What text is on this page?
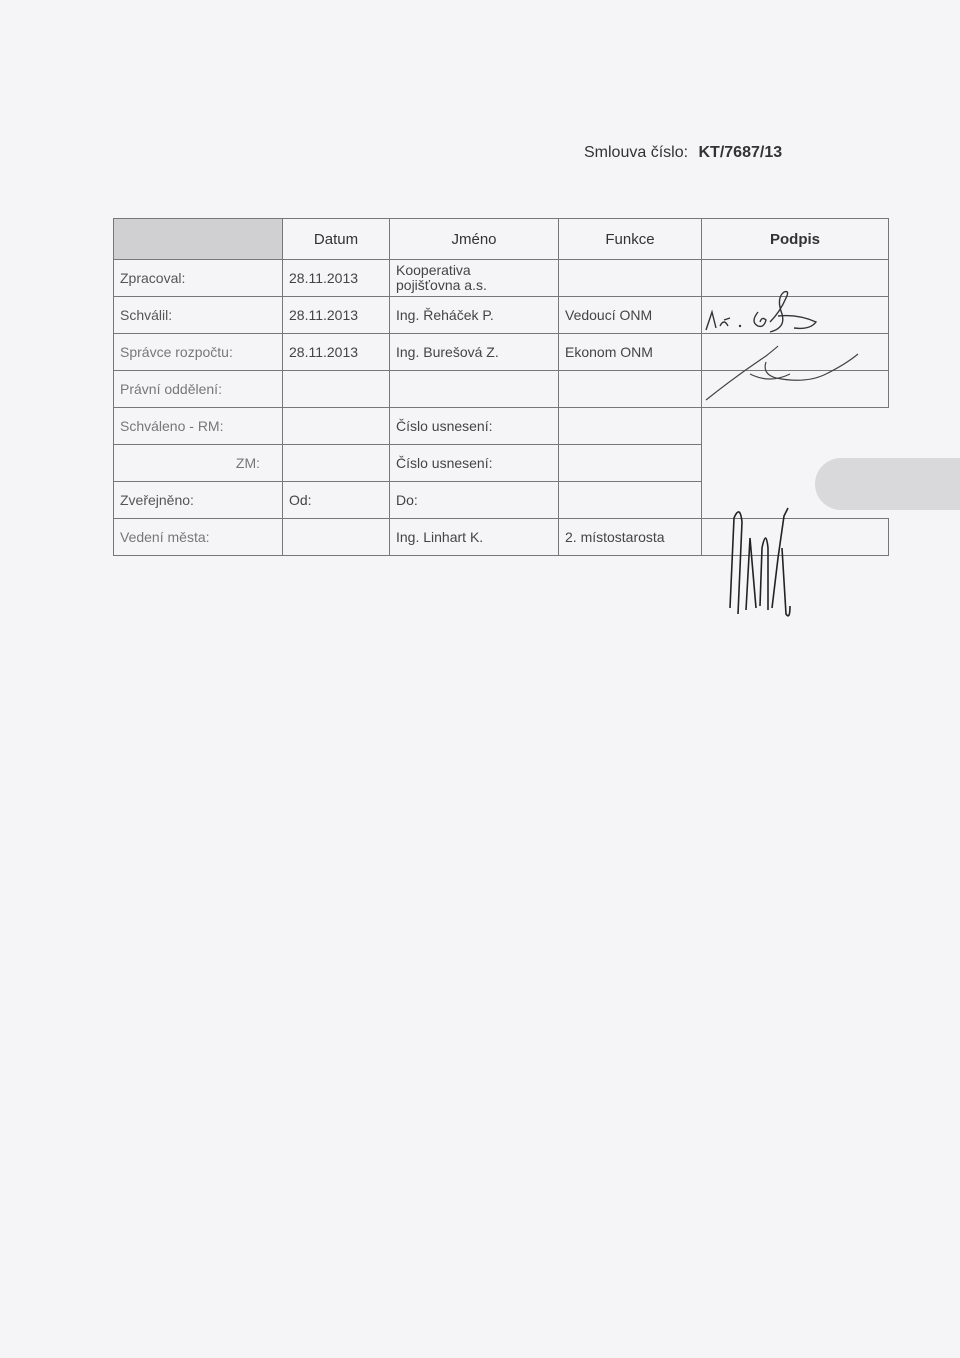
Smlouva číslo: KT/7687/13
	Datum	Jméno	Funkce	Podpis
Zpracoval:	28.11.2013	Kooperativa
pojišťovna a.s.		

Schválil:	28.11.2013	Ing. Řeháček P.	Vedoucí ONM	
Správce rozpočtu:	28.11.2013	Ing. Burešová Z.	Ekonom ONM	
Právní oddělení:				
Schváleno - RM:		Číslo usnesení:		
ZM:		Číslo usnesení:		
Zveřejněno:	Od:	Do:		
Vedení města:		Ing. Linhart K.	2. místostarosta	
